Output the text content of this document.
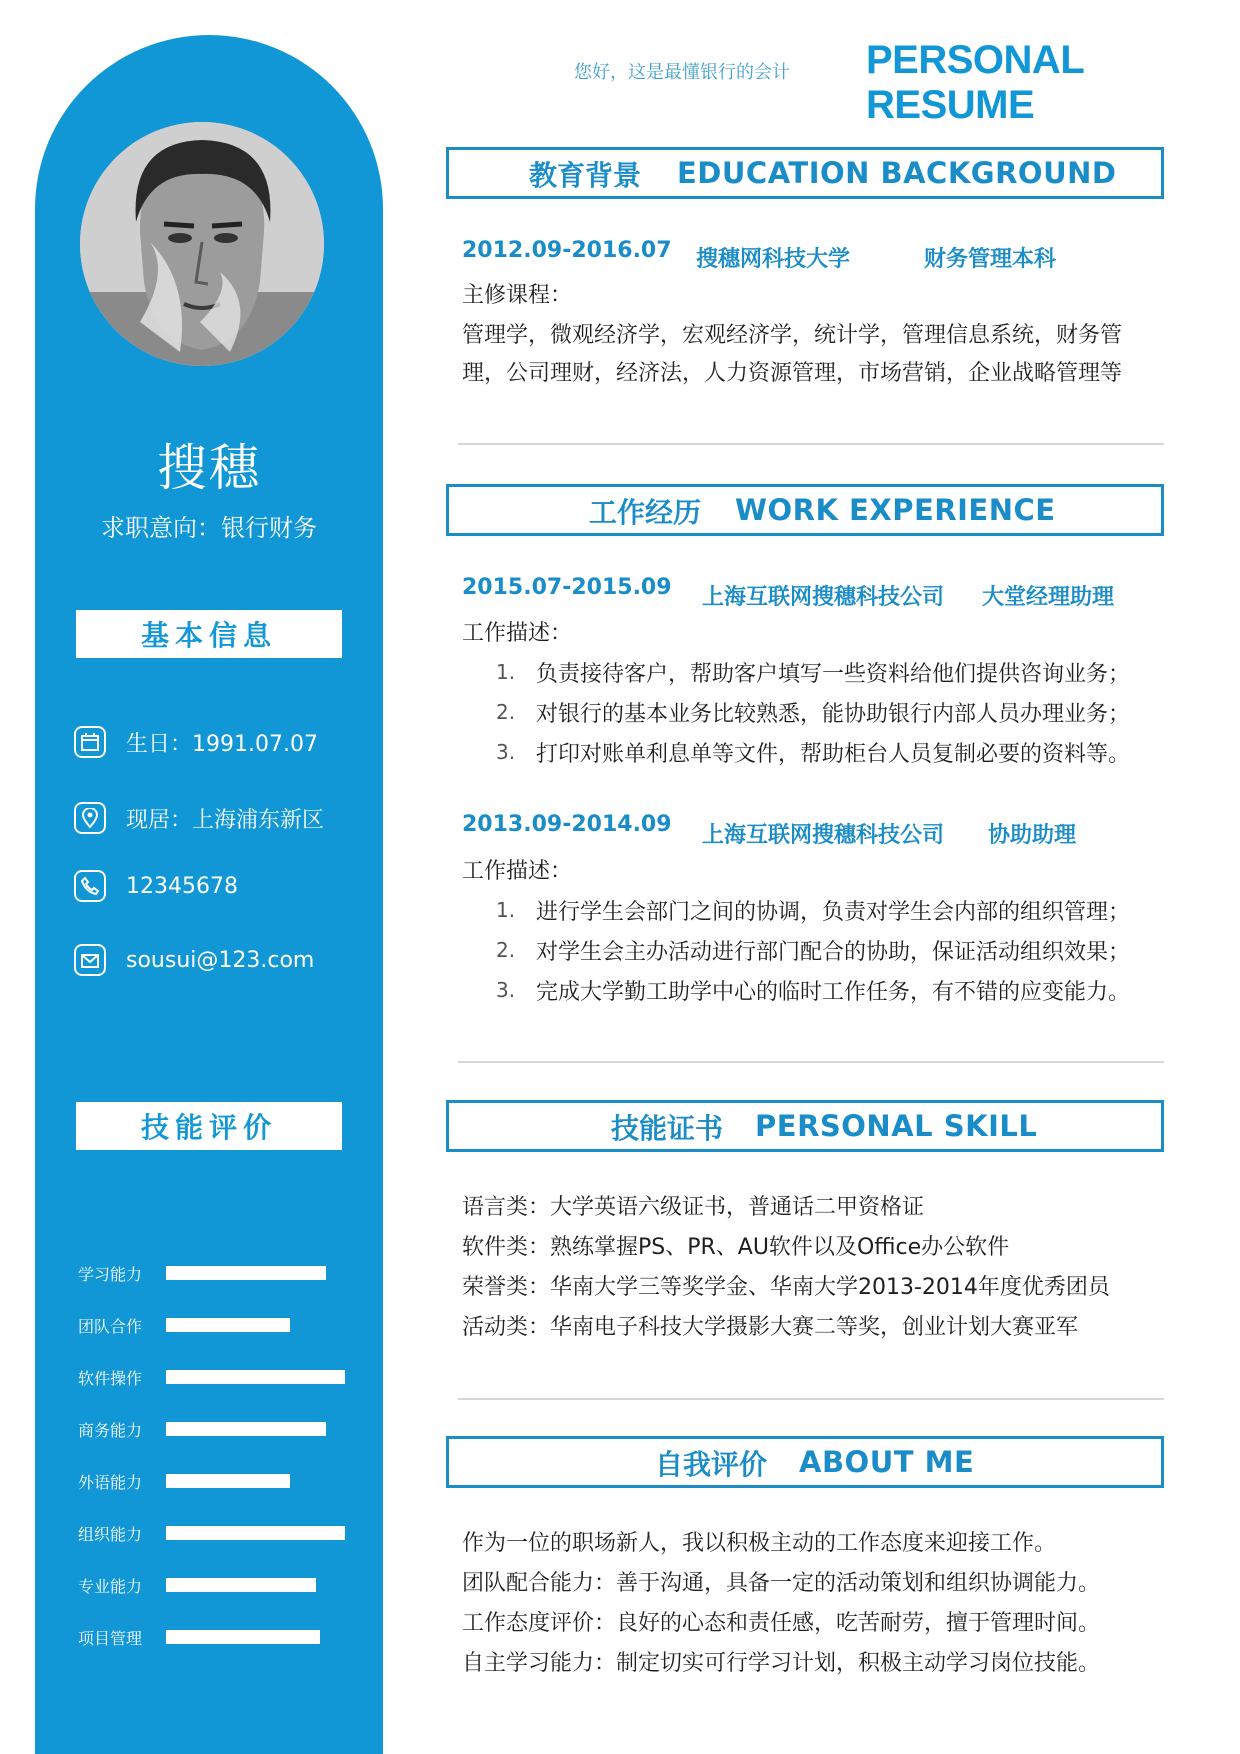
搜穗
求职意向：银行财务
基本信息
生日：1991.07.07
现居：上海浦东新区
12345678
sousui@123.com
技能评价
学习能力
团队合作
软件操作
商务能力
外语能力
组织能力
专业能力
项目管理
您好，这是最懂银行的会计 PERSONAL RESUME
教育背景 EDUCATION BACKGROUND
2012.09-2016.07 搜穗网科技大学	财务管理本科
主修课程：
管理学，微观经济学，宏观经济学，统计学，管理信息系统，财务管
理，公司理财，经济法，人力资源管理，市场营销，企业战略管理等
工作经历 WORK EXPERIENCE
2015.07-2015.09 上海互联网搜穗科技公司 大堂经理助理
工作描述：
1. 负责接待客户，帮助客户填写一些资料给他们提供咨询业务；
2. 对银行的基本业务比较熟悉，能协助银行内部人员办理业务；
3. 打印对账单利息单等文件，帮助柜台人员复制必要的资料等。
2013.09-2014.09 上海互联网搜穗科技公司 协助助理
工作描述：
1. 进行学生会部门之间的协调，负责对学生会内部的组织管理；
2. 对学生会主办活动进行部门配合的协助，保证活动组织效果；
3. 完成大学勤工助学中心的临时工作任务，有不错的应变能力。
技能证书 PERSONAL SKILL
语言类：大学英语六级证书，普通话二甲资格证
软件类：熟练掌握PS、PR、AU软件以及Office办公软件
荣誉类：华南大学三等奖学金、华南大学2013-2014年度优秀团员
活动类：华南电子科技大学摄影大赛二等奖，创业计划大赛亚军
自我评价 ABOUT ME
作为一位的职场新人，我以积极主动的工作态度来迎接工作。
团队配合能力：善于沟通，具备一定的活动策划和组织协调能力。
工作态度评价：良好的心态和责任感，吃苦耐劳，擅于管理时间。
自主学习能力：制定切实可行学习计划，积极主动学习岗位技能。
